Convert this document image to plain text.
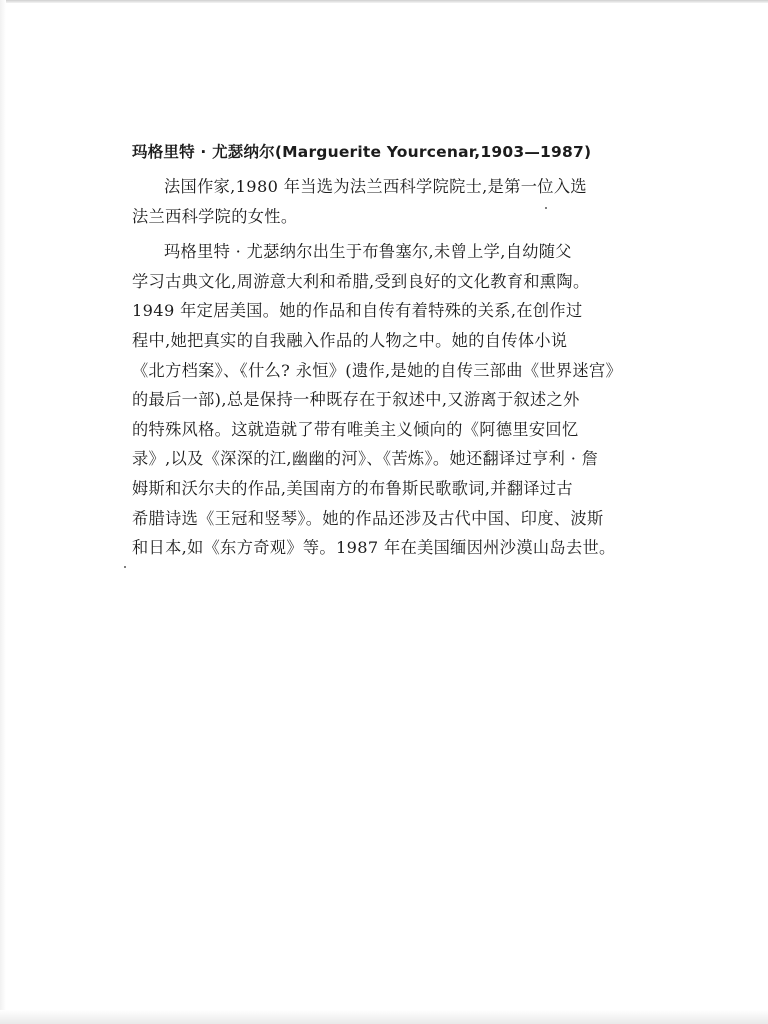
玛格里特 · 尤瑟纳尔(Marguerite Yourcenar,1903—1987)
法国作家,1980 年当选为法兰西科学院院士,是第一位入选
法兰西科学院的女性。
玛格里特 · 尤瑟纳尔出生于布鲁塞尔,未曾上学,自幼随父
学习古典文化,周游意大利和希腊,受到良好的文化教育和熏陶。
1949 年定居美国。她的作品和自传有着特殊的关系,在创作过
程中,她把真实的自我融入作品的人物之中。她的自传体小说
《北方档案》、《什么? 永恒》(遗作,是她的自传三部曲《世界迷宫》
的最后一部),总是保持一种既存在于叙述中,又游离于叙述之外
的特殊风格。这就造就了带有唯美主义倾向的《阿德里安回忆
录》,以及《深深的江,幽幽的河》、《苦炼》。她还翻译过亨利 · 詹
姆斯和沃尔夫的作品,美国南方的布鲁斯民歌歌词,并翻译过古
希腊诗选《王冠和竖琴》。她的作品还涉及古代中国、印度、波斯
和日本,如《东方奇观》等。1987 年在美国缅因州沙漠山岛去世。
